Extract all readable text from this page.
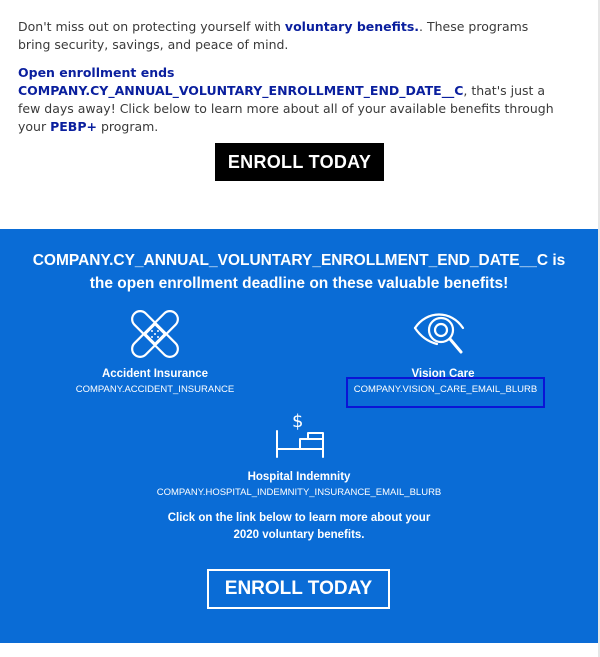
Don't miss out on protecting yourself with voluntary benefits.. These programs bring security, savings, and peace of mind.
Open enrollment ends COMPANY.CY_ANNUAL_VOLUNTARY_ENROLLMENT_END_DATE__C, that's just a few days away! Click below to learn more about all of your available benefits through your PEBP+ program.
ENROLL TODAY
COMPANY.CY_ANNUAL_VOLUNTARY_ENROLLMENT_END_DATE__C is
the open enrollment deadline on these valuable benefits!
Accident Insurance
COMPANY.ACCIDENT_INSURANCE
Vision Care
COMPANY.VISION_CARE_EMAIL_BLURB
$
Hospital Indemnity
COMPANY.HOSPITAL_INDEMNITY_INSURANCE_EMAIL_BLURB
Click on the link below to learn more about your
2020 voluntary benefits.
ENROLL TODAY
